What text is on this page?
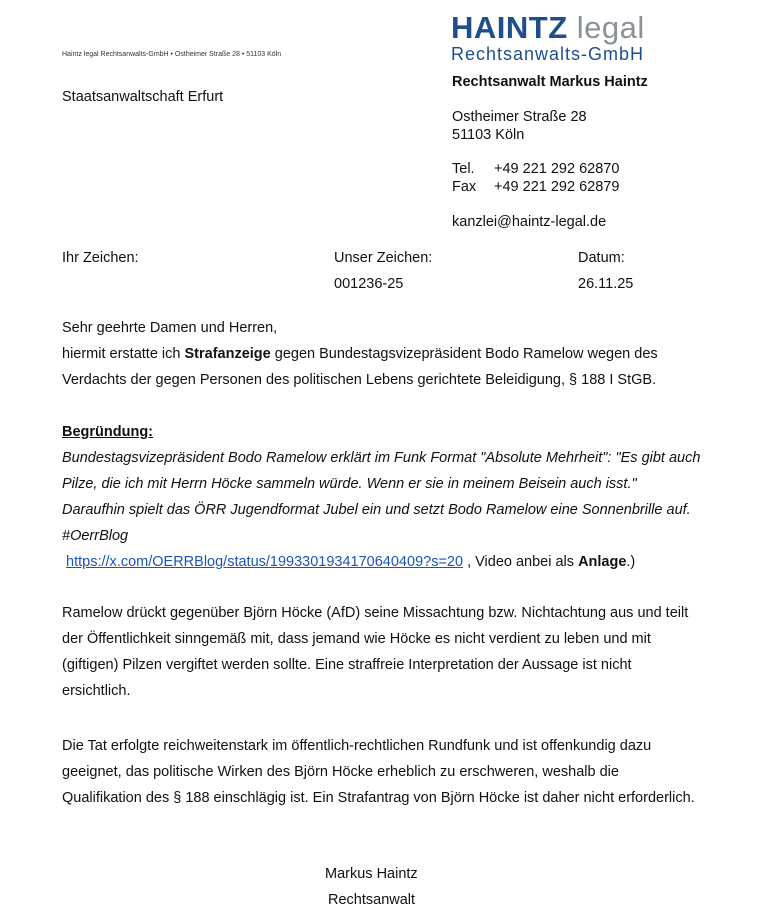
HAINTZ legal
Rechtsanwalts-GmbH
Haintz legal Rechtsanwalts-GmbH • Ostheimer Straße 28 • 51103 Köln
Staatsanwaltschaft Erfurt
Rechtsanwalt Markus Haintz
Ostheimer Straße 28
51103 Köln
Tel. +49 221 292 62870
Fax +49 221 292 62879
kanzlei@haintz-legal.de
Ihr Zeichen:	Unser Zeichen:
001236-25
Datum:
26.11.25

Sehr geehrte Damen und Herren,

hiermit erstatte ich Strafanzeige gegen Bundestagsvizepräsident Bodo Ramelow wegen des Verdachts der gegen Personen des politischen Lebens gerichtete Beleidigung, § 188 I StGB.

Begründung:

Bundestagsvizepräsident Bodo Ramelow erklärt im Funk Format "Absolute Mehrheit": "Es gibt auch Pilze, die ich mit Herrn Höcke sammeln würde. Wenn er sie in meinem Beisein auch isst." Daraufhin spielt das ÖRR Jugendformat Jubel ein und setzt Bodo Ramelow eine Sonnenbrille auf. #OerrBlog

https://x.com/OERRBlog/status/1993301934170640409?s=20 , Video anbei als Anlage.)

Ramelow drückt gegenüber Björn Höcke (AfD) seine Missachtung bzw. Nichtachtung aus und teilt der Öffentlichkeit sinngemäß mit, dass jemand wie Höcke es nicht verdient zu leben und mit (giftigen) Pilzen vergiftet werden sollte. Eine straffreie Interpretation der Aussage ist nicht ersichtlich.
Die Tat erfolgte reichweitenstark im öffentlich-rechtlichen Rundfunk und ist offenkundig dazu geeignet, das politische Wirken des Björn Höcke erheblich zu erschweren, weshalb die Qualifikation des § 188 einschlägig ist. Ein Strafantrag von Björn Höcke ist daher nicht erforderlich.
Markus Haintz
Rechtsanwalt
